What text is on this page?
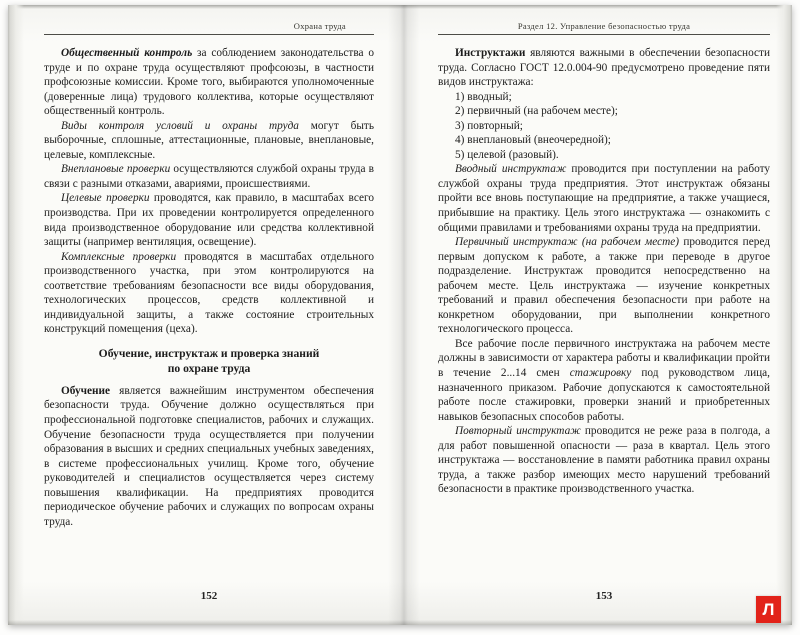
Охрана труда

Общественный контроль за соблюдением законодательства о труде и по охране труда осуществляют профсоюзы, в частности профсоюзные комиссии. Кроме того, выбираются уполномоченные (доверенные лица) трудового коллектива, которые осуществляют общественный контроль.

Виды контроля условий и охраны труда могут быть выборочные, сплошные, аттестационные, плановые, внеплановые, целевые, комплексные.

Внеплановые проверки осуществляются службой охраны труда в связи с разными отказами, авариями, происшествиями.

Целевые проверки проводятся, как правило, в масштабах всего производства. При их проведении контролируется определенного вида производственное оборудование или средства коллективной защиты (например вентиляция, освещение).

Комплексные проверки проводятся в масштабах отдельного производственного участка, при этом контролируются на соответствие требованиям безопасности все виды оборудования, технологических процессов, средств коллективной и индивидуальной защиты, а также состояние строительных конструкций помещения (цеха).

Обучение, инструктаж и проверка знаний
по охране труда

Обучение является важнейшим инструментом обеспечения безопасности труда. Обучение должно осуществляться при профессиональной подготовке специалистов, рабочих и служащих. Обучение безопасности труда осуществляется при получении образования в высших и средних специальных учебных заведениях, в системе профессиональных училищ. Кроме того, обучение руководителей и специалистов осуществляется через систему повышения квалификации. На предприятиях проводится периодическое обучение рабочих и служащих по вопросам охраны труда.

152
Раздел 12. Управление безопасностью труда

Инструктажи являются важными в обеспечении безопасности труда. Согласно ГОСТ 12.0.004-90 предусмотрено проведение пяти видов инструктажа:

1) вводный;

2) первичный (на рабочем месте);

3) повторный;

4) внеплановый (внеочередной);

5) целевой (разовый).

Вводный инструктаж проводится при поступлении на работу службой охраны труда предприятия. Этот инструктаж обязаны пройти все вновь поступающие на предприятие, а также учащиеся, прибывшие на практику. Цель этого инструктажа — ознакомить с общими правилами и требованиями охраны труда на предприятии.

Первичный инструктаж (на рабочем месте) проводится перед первым допуском к работе, а также при переводе в другое подразделение. Инструктаж проводится непосредственно на рабочем месте. Цель инструктажа — изучение конкретных требований и правил обеспечения безопасности при работе на конкретном оборудовании, при выполнении конкретного технологического процесса.

Все рабочие после первичного инструктажа на рабочем месте должны в зависимости от характера работы и квалификации пройти в течение 2...14 смен стажировку под руководством лица, назначенного приказом. Рабочие допускаются к самостоятельной работе после стажировки, проверки знаний и приобретенных навыков безопасных способов работы.

Повторный инструктаж проводится не реже раза в полгода, а для работ повышенной опасности — раза в квартал. Цель этого инструктажа — восстановление в памяти работника правил охраны труда, а также разбор имеющих место нарушений требований безопасности в практике производственного участка.

153
Л
